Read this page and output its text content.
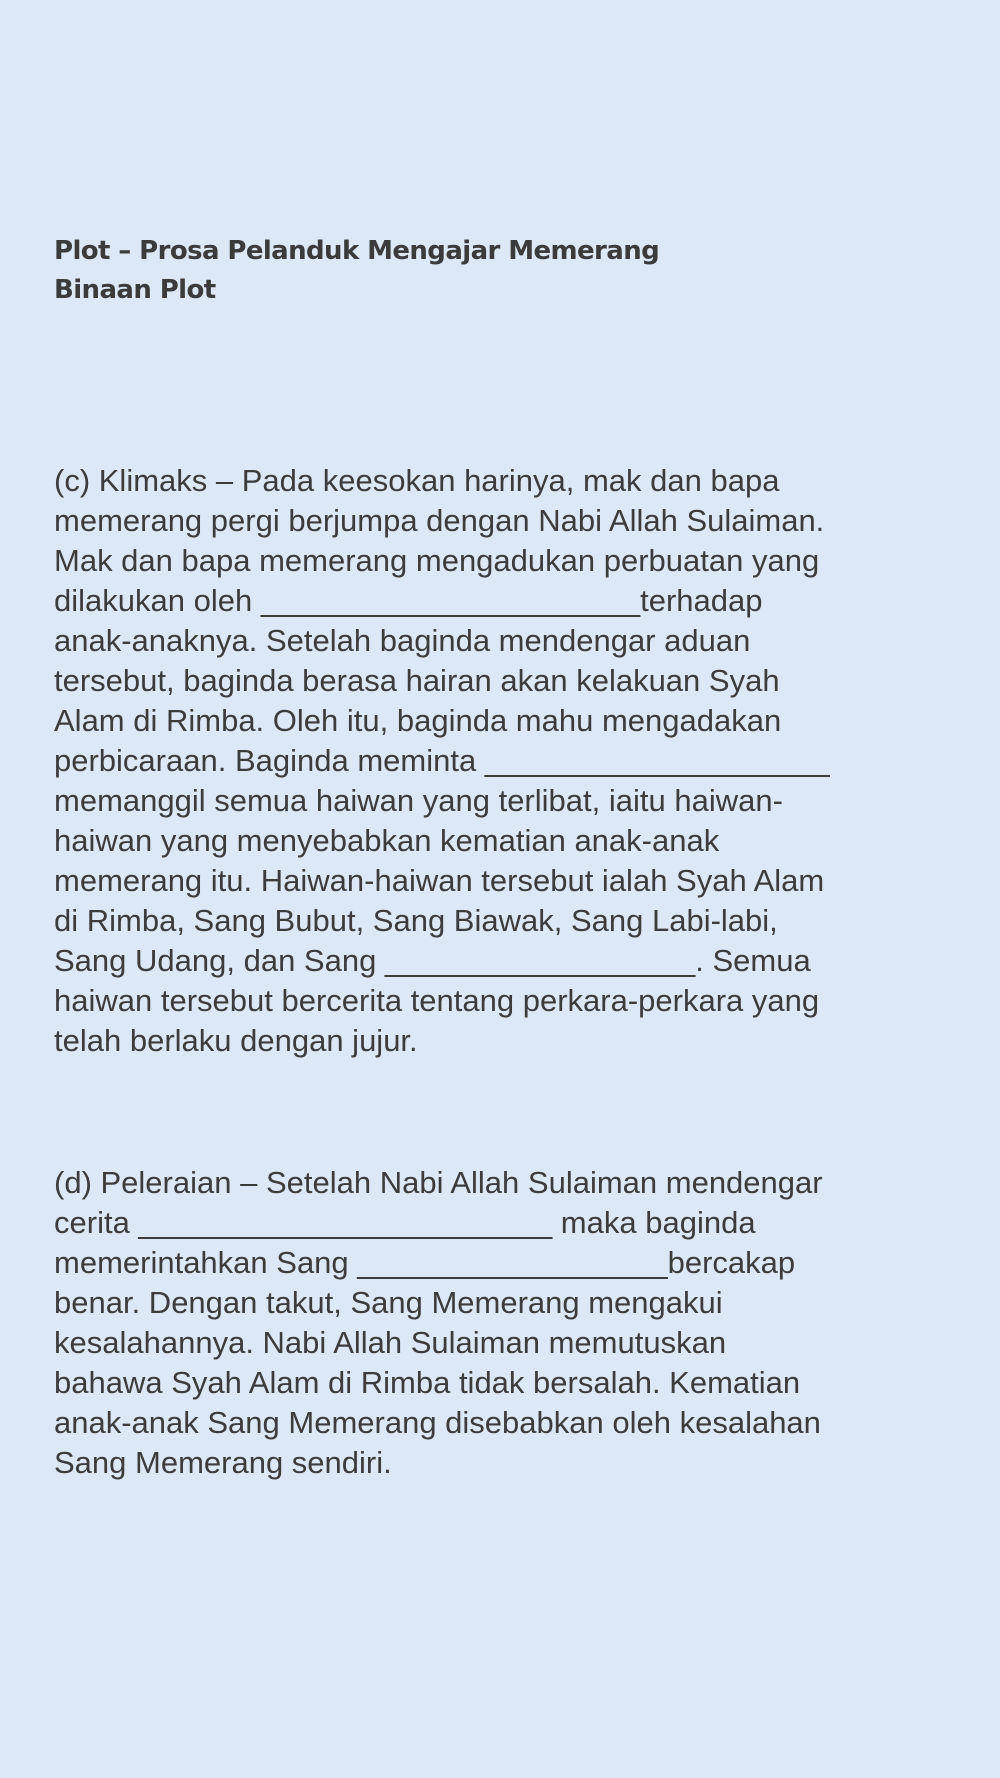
Plot – Prosa Pelanduk Mengajar Memerang
Binaan Plot
(c) Klimaks – Pada keesokan harinya, mak dan bapa
memerang pergi berjumpa dengan Nabi Allah Sulaiman.
Mak dan bapa memerang mengadukan perbuatan yang
dilakukan oleh ______________________terhadap
anak-anaknya. Setelah baginda mendengar aduan
tersebut, baginda berasa hairan akan kelakuan Syah
Alam di Rimba. Oleh itu, baginda mahu mengadakan
perbicaraan. Baginda meminta ____________________
memanggil semua haiwan yang terlibat, iaitu haiwan-
haiwan yang menyebabkan kematian anak-anak
memerang itu. Haiwan-haiwan tersebut ialah Syah Alam
di Rimba, Sang Bubut, Sang Biawak, Sang Labi-labi,
Sang Udang, dan Sang __________________. Semua
haiwan tersebut bercerita tentang perkara-perkara yang
telah berlaku dengan jujur.
(d) Peleraian – Setelah Nabi Allah Sulaiman mendengar
cerita ________________________ maka baginda
memerintahkan Sang __________________bercakap
benar. Dengan takut, Sang Memerang mengakui
kesalahannya. Nabi Allah Sulaiman memutuskan
bahawa Syah Alam di Rimba tidak bersalah. Kematian
anak-anak Sang Memerang disebabkan oleh kesalahan
Sang Memerang sendiri.
